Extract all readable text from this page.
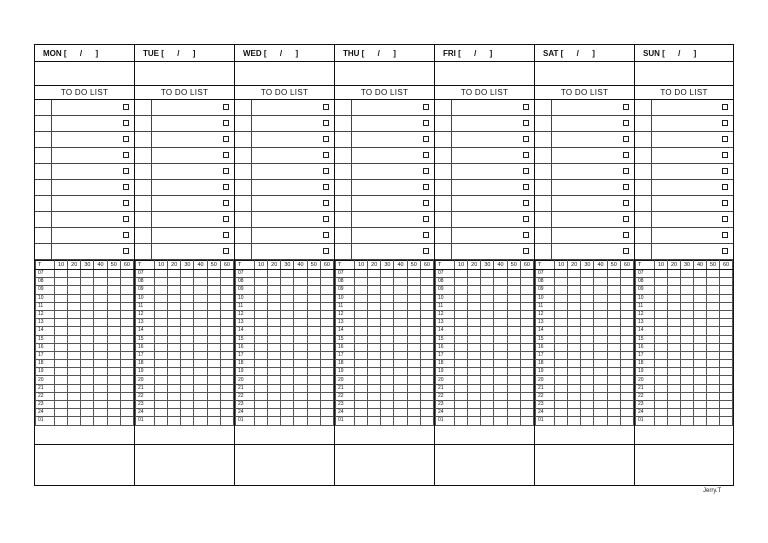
MON [      /      ]
TO DO LIST
T	10	20	30	40	50	60
07						
08						
09						
10						
11						
12						
13						
14						
15						
16						
17						
18						
19						
20						
21						
22						
23						
24						
01						
TUE [      /      ]
TO DO LIST
T	10	20	30	40	50	60
07						
08						
09						
10						
11						
12						
13						
14						
15						
16						
17						
18						
19						
20						
21						
22						
23						
24						
01						
WED [      /      ]
TO DO LIST
T	10	20	30	40	50	60
07						
08						
09						
10						
11						
12						
13						
14						
15						
16						
17						
18						
19						
20						
21						
22						
23						
24						
01						
THU [      /      ]
TO DO LIST
T	10	20	30	40	50	60
07						
08						
09						
10						
11						
12						
13						
14						
15						
16						
17						
18						
19						
20						
21						
22						
23						
24						
01						
FRI [      /      ]
TO DO LIST
T	10	20	30	40	50	60
07						
08						
09						
10						
11						
12						
13						
14						
15						
16						
17						
18						
19						
20						
21						
22						
23						
24						
01						
SAT [      /      ]
TO DO LIST
T	10	20	30	40	50	60
07						
08						
09						
10						
11						
12						
13						
14						
15						
16						
17						
18						
19						
20						
21						
22						
23						
24						
01						
SUN [      /      ]
TO DO LIST
T	10	20	30	40	50	60
07						
08						
09						
10						
11						
12						
13						
14						
15						
16						
17						
18						
19						
20						
21						
22						
23						
24						
01						
Jerry.T
